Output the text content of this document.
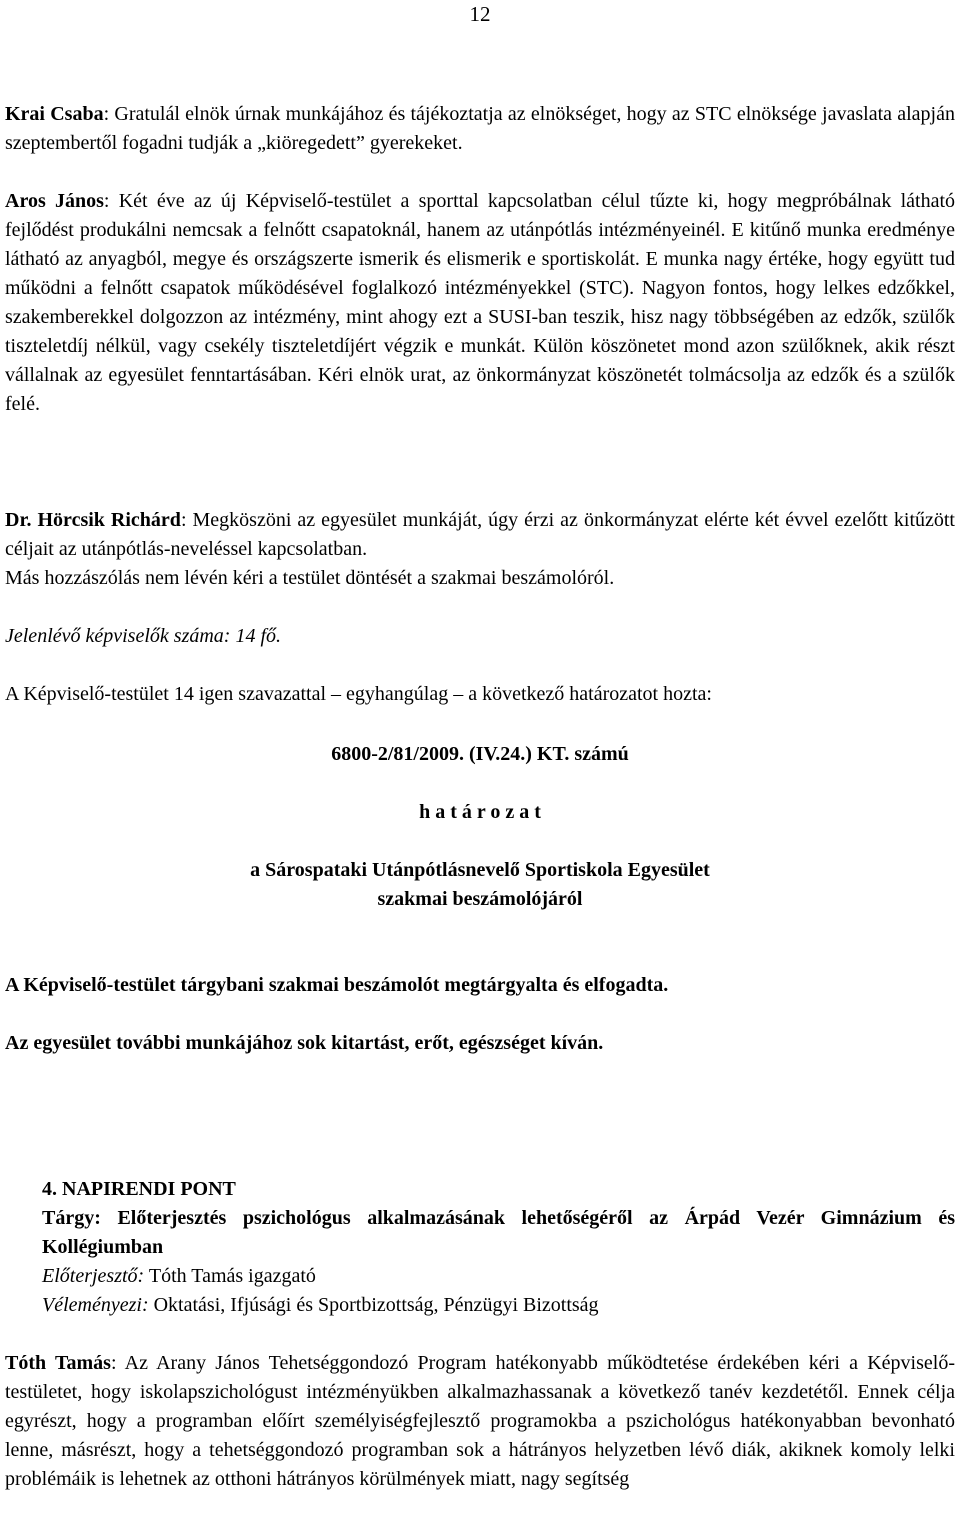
12

Krai Csaba: Gratulál elnök úrnak munkájához és tájékoztatja az elnökséget, hogy az STC elnöksége javaslata alapján szeptembertől fogadni tudják a „kiöregedett” gyerekeket.

Aros János: Két éve az új Képviselő-testület a sporttal kapcsolatban célul tűzte ki, hogy megpróbálnak látható fejlődést produkálni nemcsak a felnőtt csapatoknál, hanem az utánpótlás intézményeinél. E kitűnő munka eredménye látható az anyagból, megye és országszerte ismerik és elismerik e sportiskolát. E munka nagy értéke, hogy együtt tud működni a felnőtt csapatok működésével foglalkozó intézményekkel (STC). Nagyon fontos, hogy lelkes edzőkkel, szakemberekkel dolgozzon az intézmény, mint ahogy ezt a SUSI-ban teszik, hisz nagy többségében az edzők, szülők tiszteletdíj nélkül, vagy csekély tiszteletdíjért végzik e munkát. Külön köszönetet mond azon szülőknek, akik részt vállalnak az egyesület fenntartásában. Kéri elnök urat, az önkormányzat köszönetét tolmácsolja az edzők és a szülők felé.

Dr. Hörcsik Richárd: Megköszöni az egyesület munkáját, úgy érzi az önkormányzat elérte két évvel ezelőtt kitűzött céljait az utánpótlás-neveléssel kapcsolatban.

Más hozzászólás nem lévén kéri a testület döntését a szakmai beszámolóról.

Jelenlévő képviselők száma: 14 fő.

A Képviselő-testület 14 igen szavazattal – egyhangúlag – a következő határozatot hozta:

6800-2/81/2009. (IV.24.) KT. számú

h a t á r o z a t

a Sárospataki Utánpótlásnevelő Sportiskola Egyesület

szakmai beszámolójáról

A Képviselő-testület tárgybani szakmai beszámolót megtárgyalta és elfogadta.

Az egyesület további munkájához sok kitartást, erőt, egészséget kíván.

4. NAPIRENDI PONT

Tárgy: Előterjesztés pszichológus alkalmazásának lehetőségéről az Árpád Vezér Gimnázium és Kollégiumban

Előterjesztő: Tóth Tamás igazgató

Véleményezi: Oktatási, Ifjúsági és Sportbizottság, Pénzügyi Bizottság

Tóth Tamás: Az Arany János Tehetséggondozó Program hatékonyabb működtetése érdekében kéri a Képviselő-testületet, hogy iskolapszichológust intézményükben alkalmazhassanak a következő tanév kezdetétől. Ennek célja egyrészt, hogy a programban előírt személyiségfejlesztő programokba a pszichológus hatékonyabban bevonható lenne, másrészt, hogy a tehetséggondozó programban sok a hátrányos helyzetben lévő diák, akiknek komoly lelki problémáik is lehetnek az otthoni hátrányos körülmények miatt, nagy segítség
